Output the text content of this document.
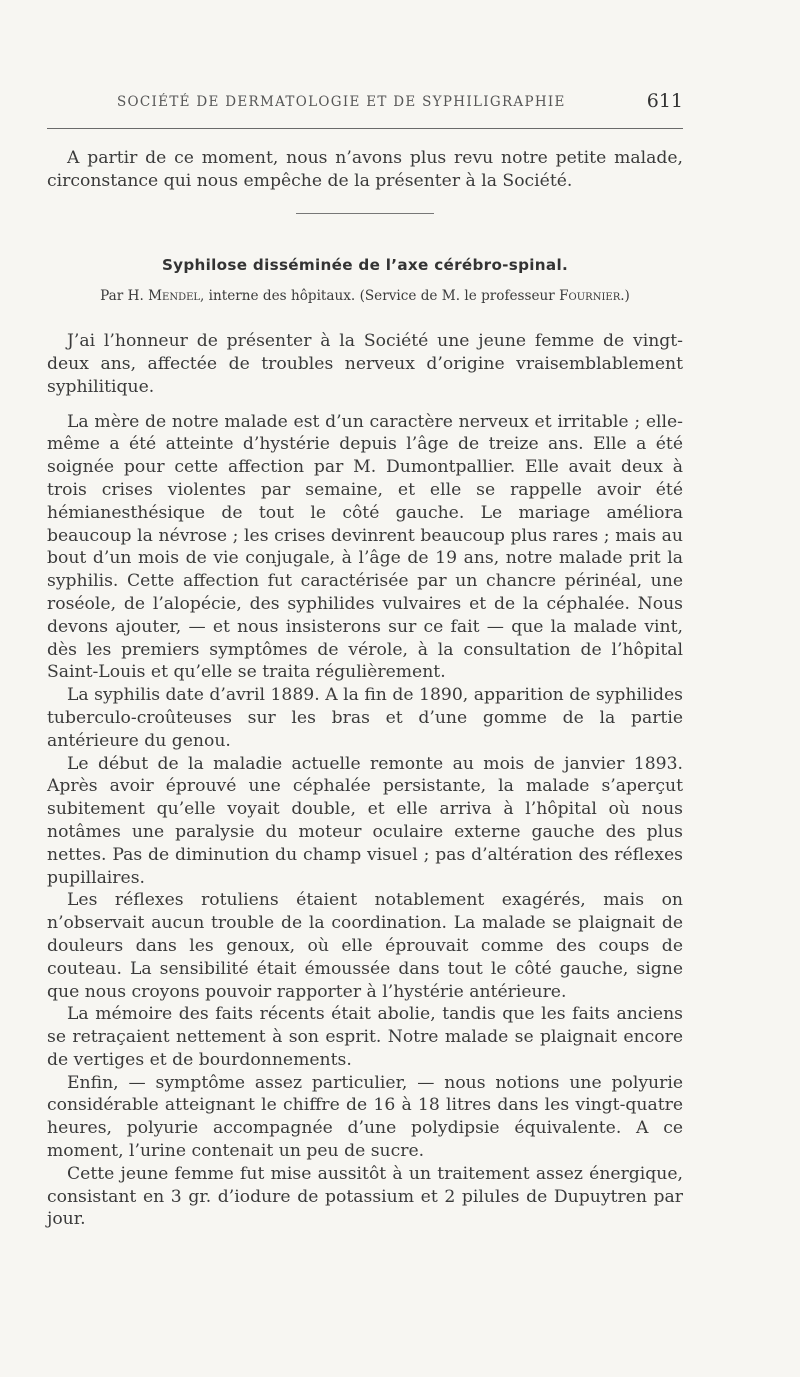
SOCIÉTÉ DE DERMATOLOGIE ET DE SYPHILIGRAPHIE	611

A partir de ce moment, nous n’avons plus revu notre petite malade, circonstance qui nous empêche de la présenter à la Société.

Syphilose disséminée de l’axe cérébro-spinal.
Par H. Mendel, interne des hôpitaux. (Service de M. le professeur Fournier.)

J’ai l’honneur de présenter à la Société une jeune femme de vingt-deux ans, affectée de troubles nerveux d’origine vraisemblablement syphilitique.

La mère de notre malade est d’un caractère nerveux et irritable ; elle-même a été atteinte d’hystérie depuis l’âge de treize ans. Elle a été soignée pour cette affection par M. Dumontpallier. Elle avait deux à trois crises violentes par semaine, et elle se rappelle avoir été hémianesthésique de tout le côté gauche. Le mariage améliora beaucoup la névrose ; les crises devinrent beaucoup plus rares ; mais au bout d’un mois de vie conjugale, à l’âge de 19 ans, notre malade prit la syphilis. Cette affection fut caractérisée par un chancre périnéal, une roséole, de l’alopécie, des syphilides vulvaires et de la céphalée. Nous devons ajouter, — et nous insisterons sur ce fait — que la malade vint, dès les premiers symptômes de vérole, à la consultation de l’hôpital Saint-Louis et qu’elle se traita régulièrement.

La syphilis date d’avril 1889. A la fin de 1890, apparition de syphilides tuberculo-croûteuses sur les bras et d’une gomme de la partie antérieure du genou.

Le début de la maladie actuelle remonte au mois de janvier 1893. Après avoir éprouvé une céphalée persistante, la malade s’aperçut subitement qu’elle voyait double, et elle arriva à l’hôpital où nous notâmes une paralysie du moteur oculaire externe gauche des plus nettes. Pas de diminution du champ visuel ; pas d’altération des réflexes pupillaires.

Les réflexes rotuliens étaient notablement exagérés, mais on n’observait aucun trouble de la coordination. La malade se plaignait de douleurs dans les genoux, où elle éprouvait comme des coups de couteau. La sensibilité était émoussée dans tout le côté gauche, signe que nous croyons pouvoir rapporter à l’hystérie antérieure.

La mémoire des faits récents était abolie, tandis que les faits anciens se retraçaient nettement à son esprit. Notre malade se plaignait encore de vertiges et de bourdonnements.

Enfin, — symptôme assez particulier, — nous notions une polyurie considérable atteignant le chiffre de 16 à 18 litres dans les vingt-quatre heures, polyurie accompagnée d’une polydipsie équivalente. A ce moment, l’urine contenait un peu de sucre.

Cette jeune femme fut mise aussitôt à un traitement assez énergique, consistant en 3 gr. d’iodure de potassium et 2 pilules de Dupuytren par jour.
